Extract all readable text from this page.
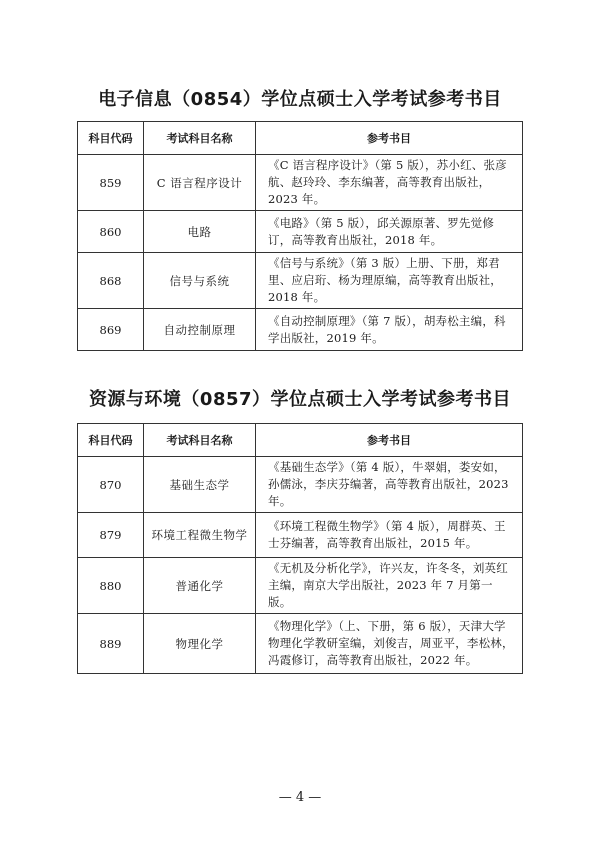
电子信息（0854）学位点硕士入学考试参考书目
科目代码	考试科目名称	参考书目
859	C 语言程序设计	《C 语言程序设计》（第 5 版），苏小红、张彦航、赵玲玲、李东编著，高等教育出版社，2023 年。
860	电路	《电路》（第 5 版），邱关源原著、罗先觉修订，高等教育出版社，2018 年。
868	信号与系统	《信号与系统》（第 3 版）上册、下册，郑君里、应启珩、杨为理原编，高等教育出版社，2018 年。
869	自动控制原理	《自动控制原理》（第 7 版），胡寿松主编，科学出版社，2019 年。
资源与环境（0857）学位点硕士入学考试参考书目
科目代码	考试科目名称	参考书目
870	基础生态学	《基础生态学》（第 4 版），牛翠娟，娄安如，孙儒泳，李庆芬编著，高等教育出版社，2023 年。
879	环境工程微生物学	《环境工程微生物学》（第 4 版），周群英、王士芬编著，高等教育出版社，2015 年。
880	普通化学	《无机及分析化学》，许兴友，许冬冬，刘英红主编，南京大学出版社，2023 年 7 月第一版。
889	物理化学	《物理化学》（上、下册，第 6 版），天津大学物理化学教研室编，刘俊吉，周亚平，李松林，冯霞修订，高等教育出版社，2022 年。
— 4 —
